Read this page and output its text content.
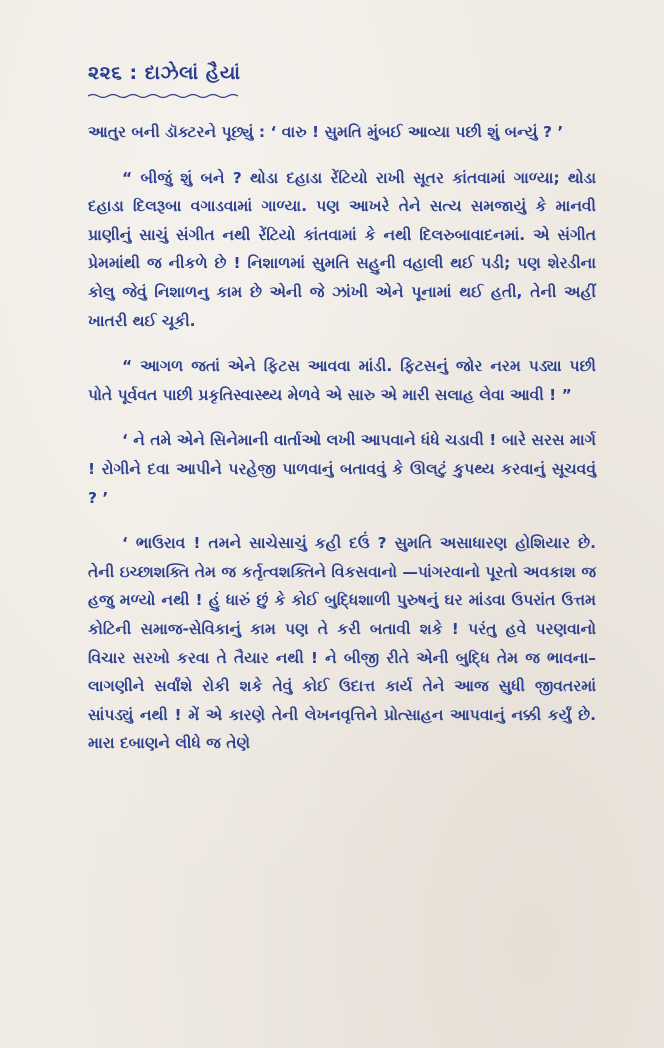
૨૨૬ : દાઝેલાં હૈયાં

આતુર બની ડૉક્ટરને પૂછ્યું : ‘ વારુ ! સુમતિ મુંબઈ આવ્યા પછી શું બન્યું ? ’

“ બીજું શું બને ? થોડા દહાડા રેંટિયો રાખી સૂતર કાંતવામાં ગાળ્યા; થોડા દહાડા દિલરૂબા વગાડવામાં ગાળ્યા. પણ આખરે તેને સત્ય સમજાયું કે માનવી પ્રાણીનું સાચું સંગીત નથી રેંટિયો કાંતવામાં કે નથી દિલરુબાવાદનમાં. એ સંગીત પ્રેમમાંથી જ નીકળે છે ! નિશાળમાં સુમતિ સહુની વહાલી થઈ પડી; પણ શેરડીના કોલુ જેવું નિશાળનુ કામ છે એની જે ઝાંખી એને પૂનામાં થઈ હતી, તેની અહીં ખાતરી થઈ ચૂકી.

“ આગળ જતાં એને ફિટસ આવવા માંડી. ફિટસનું જોર નરમ પડ્યા પછી પોતે પૂર્વવત પાછી પ્રકૃતિસ્વાસ્થ્ય મેળવે એ સારુ એ મારી સલાહ લેવા આવી ! ”

‘ ને તમે એને સિનેમાની વાર્તાઓ લખી આપવાને ધંધે ચડાવી ! બારે સરસ માર્ગ ! રોગીને દવા આપીને પરહેજી પાળવાનું બતાવવું કે ઊલટું કુપથ્ય કરવાનું સૂચવવું ? ’

‘ ભાઉરાવ ! તમને સાચેસાચું કહી દઉં ? સુમતિ અસાધારણ હોશિયાર છે. તેની ઇચ્છાશક્તિ તેમ જ કર્તૃત્વશક્તિને વિકસવાનો —પાંગરવાનો પૂરતો અવકાશ જ હજુ મળ્યો નથી ! હું ધારું છું કે કોઈ બુદ્ધિશાળી પુરુષનું ઘર માંડવા ઉપરાંત ઉત્તમ કોટિની સમાજ-સેવિકાનું કામ પણ તે કરી બતાવી શકે ! પરંતુ હવે પરણવાનો વિચાર સરખો કરવા તે તૈયાર નથી ! ને બીજી રીતે એની બુદ્ધિ તેમ જ ભાવના–લાગણીને સર્વાંશે રોકી શકે તેવું કોઈ ઉદાત્ત કાર્ય તેને આજ સુધી જીવતરમાં સાંપડ્યું નથી ! મેં એ કારણે તેની લેખનવૃત્તિને પ્રોત્સાહન આપવાનું નક્કી કર્યું છે. મારા દબાણને લીધે જ તેણે
